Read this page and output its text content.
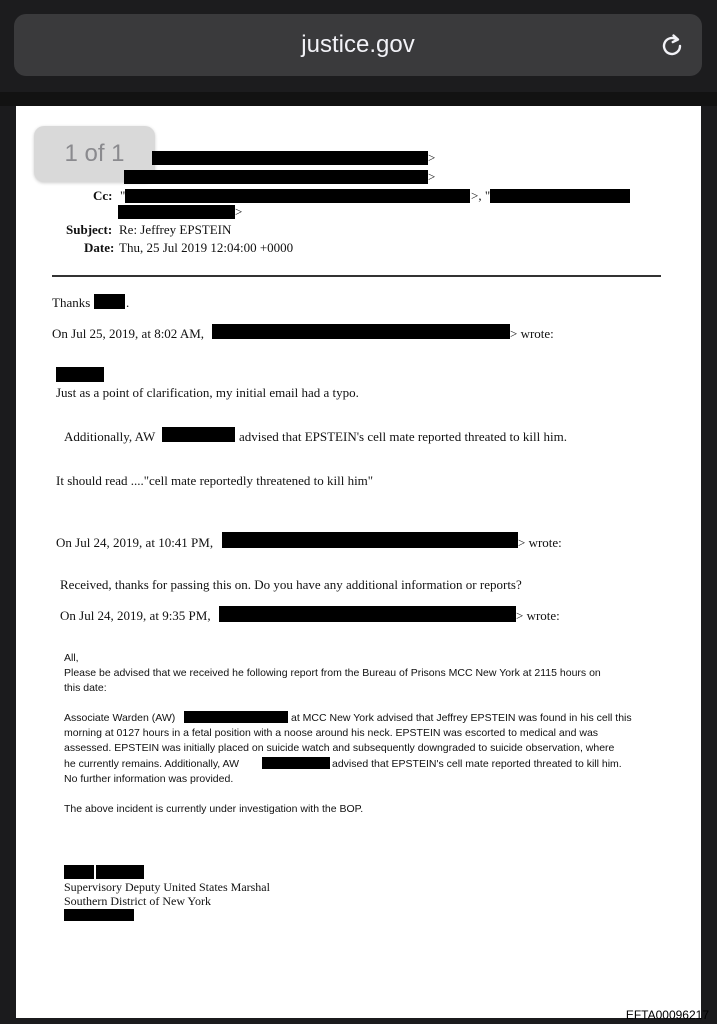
justice.gov
1 of 1	>
>
Cc: "	>, "
>
Subject: Re: Jeffrey EPSTEIN
Date: Thu, 25 Jul 2019 12:04:00 +0000
Thanks	.
On Jul 25, 2019, at 8:02 AM,	> wrote:
Just as a point of clarification, my initial email had a typo.
Additionally, AW	advised that EPSTEIN's cell mate reported threated to kill him.
It should read ...."cell mate reportedly threatened to kill him"
On Jul 24, 2019, at 10:41 PM,	> wrote:
Received, thanks for passing this on. Do you have any additional information or reports?
On Jul 24, 2019, at 9:35 PM,	> wrote:
All,
Please be advised that we received he following report from the Bureau of Prisons MCC New York at 2115 hours on
this date:
Associate Warden (AW)	at MCC New York advised that Jeffrey EPSTEIN was found in his cell this
morning at 0127 hours in a fetal position with a noose around his neck. EPSTEIN was escorted to medical and was
assessed. EPSTEIN was initially placed on suicide watch and subsequently downgraded to suicide observation, where
he currently remains. Additionally, AW	advised that EPSTEIN's cell mate reported threated to kill him.
No further information was provided.
The above incident is currently under investigation with the BOP.
Supervisory Deputy United States Marshal
Southern District of New York
EFTA00096217
